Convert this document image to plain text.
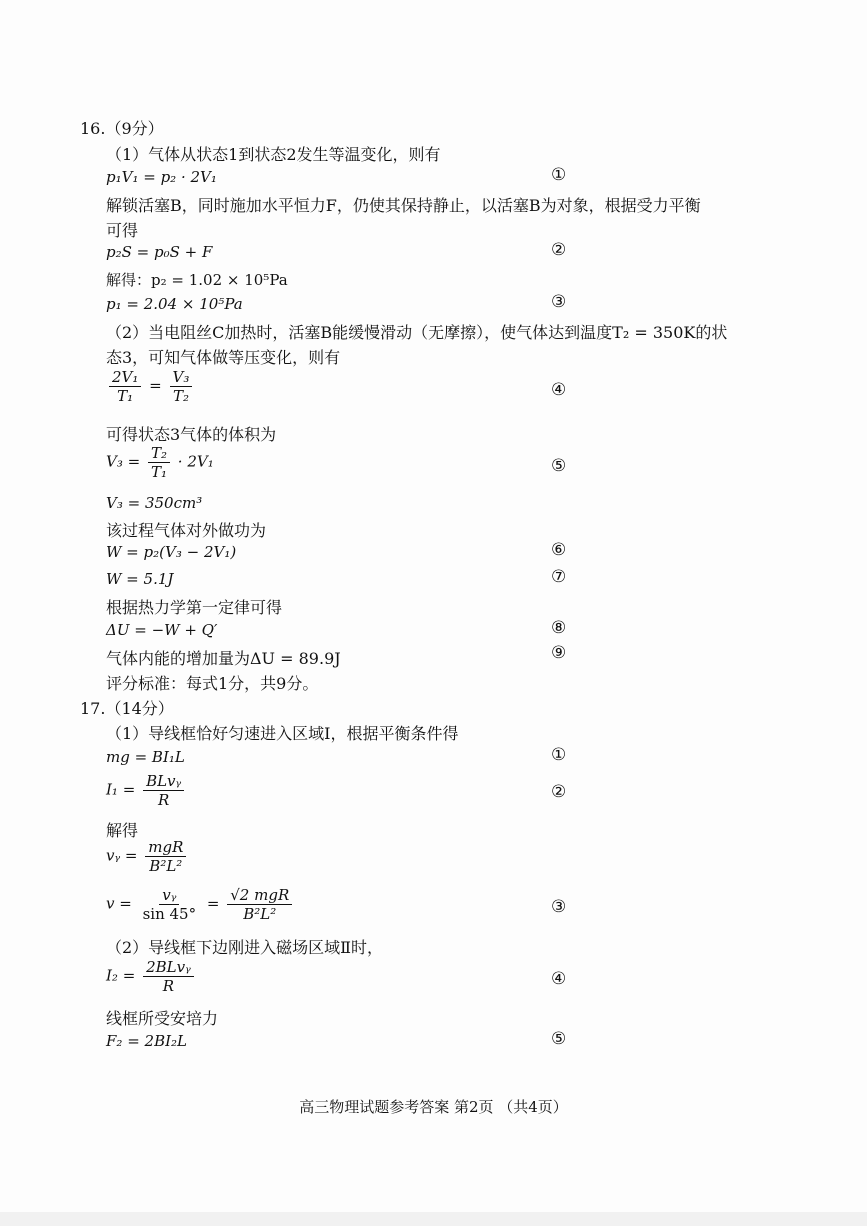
16.（9分）
（1）气体从状态1到状态2发生等温变化，则有
p₁V₁ = p₂ · 2V₁	①
解锁活塞B，同时施加水平恒力F，仍使其保持静止，以活塞B为对象，根据受力平衡
可得
p₂S = p₀S + F	②
解得：p₂ = 1.02 × 10⁵Pa
p₁ = 2.04 × 10⁵Pa	③
（2）当电阻丝C加热时，活塞B能缓慢滑动（无摩擦），使气体达到温度T₂ = 350K的状
态3，可知气体做等压变化，则有
$\frac{\text{2V₁}}{\text{T₁}} = \frac{\text{V₃}}{\text{T₂}}$	④
可得状态3气体的体积为
$V_3 = \frac{\text{T₂}}{\text{T₁}} \cdot 2V_1$	⑤
V₃ = 350cm³
该过程气体对外做功为
W = p₂(V₃ − 2V₁)	⑥
W = 5.1J	⑦
根据热力学第一定律可得
ΔU = −W + Q′	⑧
气体内能的增加量为ΔU = 89.9J	⑨
评分标准：每式1分，共9分。
17.（14分）
（1）导线框恰好匀速进入区域Ⅰ，根据平衡条件得
mg = BI₁L	①
$I_1 = \frac{\text{BLvᵧ}}{R}$	②
解得
vᵧ = $\frac{\text{mgR}}{\text{B²L²}}$
$v = \frac{\text{vᵧ}}{\sin 45^\circ} = \frac{\text{√2 mgR}}{\text{B²L²}}$	③
（2）导线框下边刚进入磁场区域Ⅱ时，
$I_2 = \frac{\text{2BLvᵧ}}{R}$	④
线框所受安培力
F₂ = 2BI₂L	⑤
高三物理试题参考答案 第2页 （共4页）
